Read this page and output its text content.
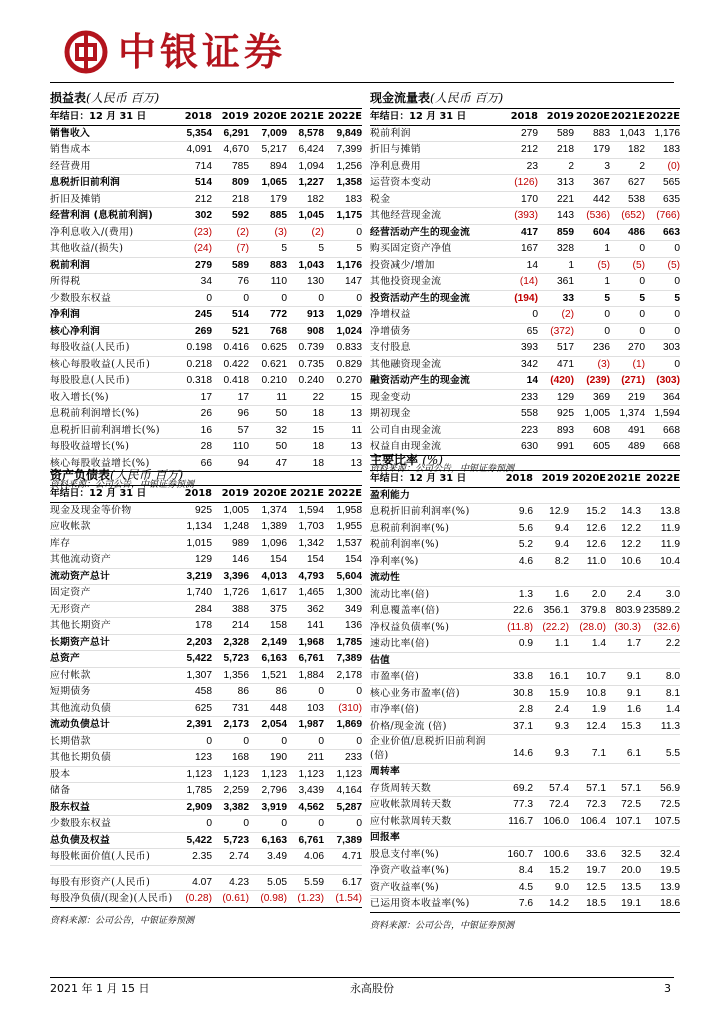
中银证券
损益表(人民币 百万)
年结日：12 月 31 日	2018	2019	2020E	2021E	2022E
销售收入	5,354	6,291	7,009	8,578	9,849
销售成本	4,091	4,670	5,217	6,424	7,399
经营费用	714	785	894	1,094	1,256
息税折旧前利润	514	809	1,065	1,227	1,358
折旧及摊销	212	218	179	182	183
经营利润 (息税前利润)	302	592	885	1,045	1,175
净利息收入/(费用)	(23)	(2)	(3)	(2)	0
其他收益/(损失)	(24)	(7)	5	5	5
税前利润	279	589	883	1,043	1,176
所得税	34	76	110	130	147
少数股东权益	0	0	0	0	0
净利润	245	514	772	913	1,029
核心净利润	269	521	768	908	1,024
每股收益(人民币)	0.198	0.416	0.625	0.739	0.833
核心每股收益(人民币)	0.218	0.422	0.621	0.735	0.829
每股股息(人民币)	0.318	0.418	0.210	0.240	0.270
收入增长(%)	17	17	11	22	15
息税前利润增长(%)	26	96	50	18	13
息税折旧前利润增长(%)	16	57	32	15	11
每股收益增长(%)	28	110	50	18	13
核心每股收益增长(%)	66	94	47	18	13
资料来源：公司公告，中银证券预测
现金流量表(人民币 百万)
年结日：12 月 31 日	2018	2019	2020E	2021E	2022E
税前利润	279	589	883	1,043	1,176
折旧与摊销	212	218	179	182	183
净利息费用	23	2	3	2	(0)
运营资本变动	(126)	313	367	627	565
税金	170	221	442	538	635
其他经营现金流	(393)	143	(536)	(652)	(766)
经营活动产生的现金流	417	859	604	486	663
购买固定资产净值	167	328	1	0	0
投资减少/增加	14	1	(5)	(5)	(5)
其他投资现金流	(14)	361	1	0	0
投资活动产生的现金流	(194)	33	5	5	5
净增权益	0	(2)	0	0	0
净增债务	65	(372)	0	0	0
支付股息	393	517	236	270	303
其他融资现金流	342	471	(3)	(1)	0
融资活动产生的现金流	14	(420)	(239)	(271)	(303)
现金变动	233	129	369	219	364
期初现金	558	925	1,005	1,374	1,594
公司自由现金流	223	893	608	491	668
权益自由现金流	630	991	605	489	668
资料来源：公司公告，中银证券预测
资产负债表(人民币 百万)
年结日：12 月 31 日	2018	2019	2020E	2021E	2022E
现金及现金等价物	925	1,005	1,374	1,594	1,958
应收帐款	1,134	1,248	1,389	1,703	1,955
库存	1,015	989	1,096	1,342	1,537
其他流动资产	129	146	154	154	154
流动资产总计	3,219	3,396	4,013	4,793	5,604
固定资产	1,740	1,726	1,617	1,465	1,300
无形资产	284	388	375	362	349
其他长期资产	178	214	158	141	136
长期资产总计	2,203	2,328	2,149	1,968	1,785
总资产	5,422	5,723	6,163	6,761	7,389
应付帐款	1,307	1,356	1,521	1,884	2,178
短期债务	458	86	86	0	0
其他流动负债	625	731	448	103	(310)
流动负债总计	2,391	2,173	2,054	1,987	1,869
长期借款	0	0	0	0	0
其他长期负债	123	168	190	211	233
股本	1,123	1,123	1,123	1,123	1,123
储备	1,785	2,259	2,796	3,439	4,164
股东权益	2,909	3,382	3,919	4,562	5,287
少数股东权益	0	0	0	0	0
总负债及权益	5,422	5,723	6,163	6,761	7,389
每股帐面价值(人民币)	2.35	2.74	3.49	4.06	4.71

每股有形资产(人民币)	4.07	4.23	5.05	5.59	6.17
每股净负债/(现金)(人民币)	(0.28)	(0.61)	(0.98)	(1.23)	(1.54)
资料来源：公司公告，中银证券预测
主要比率 (%)
年结日：12 月 31 日	2018	2019	2020E	2021E	2022E
盈利能力					
息税折旧前利润率(%)	9.6	12.9	15.2	14.3	13.8
息税前利润率(%)	5.6	9.4	12.6	12.2	11.9
税前利润率(%)	5.2	9.4	12.6	12.2	11.9
净利率(%)	4.6	8.2	11.0	10.6	10.4
流动性					
流动比率(倍)	1.3	1.6	2.0	2.4	3.0
利息覆盖率(倍)	22.6	356.1	379.8	803.9	23589.2
净权益负债率(%)	(11.8)	(22.2)	(28.0)	(30.3)	(32.6)
速动比率(倍)	0.9	1.1	1.4	1.7	2.2
估值					
市盈率(倍)	33.8	16.1	10.7	9.1	8.0
核心业务市盈率(倍)	30.8	15.9	10.8	9.1	8.1
市净率(倍)	2.8	2.4	1.9	1.6	1.4
价格/现金流 (倍)	37.1	9.3	12.4	15.3	11.3
企业价值/息税折旧前利润(倍)	14.6	9.3	7.1	6.1	5.5
周转率					
存货周转天数	69.2	57.4	57.1	57.1	56.9
应收帐款周转天数	77.3	72.4	72.3	72.5	72.5
应付帐款周转天数	116.7	106.0	106.4	107.1	107.5
回报率					
股息支付率(%)	160.7	100.6	33.6	32.5	32.4
净资产收益率(%)	8.4	15.2	19.7	20.0	19.5
资产收益率(%)	4.5	9.0	12.5	13.5	13.9
已运用资本收益率(%)	7.6	14.2	18.5	19.1	18.6
资料来源：公司公告，中银证券预测
2021 年 1 月 15 日	永高股份	3
